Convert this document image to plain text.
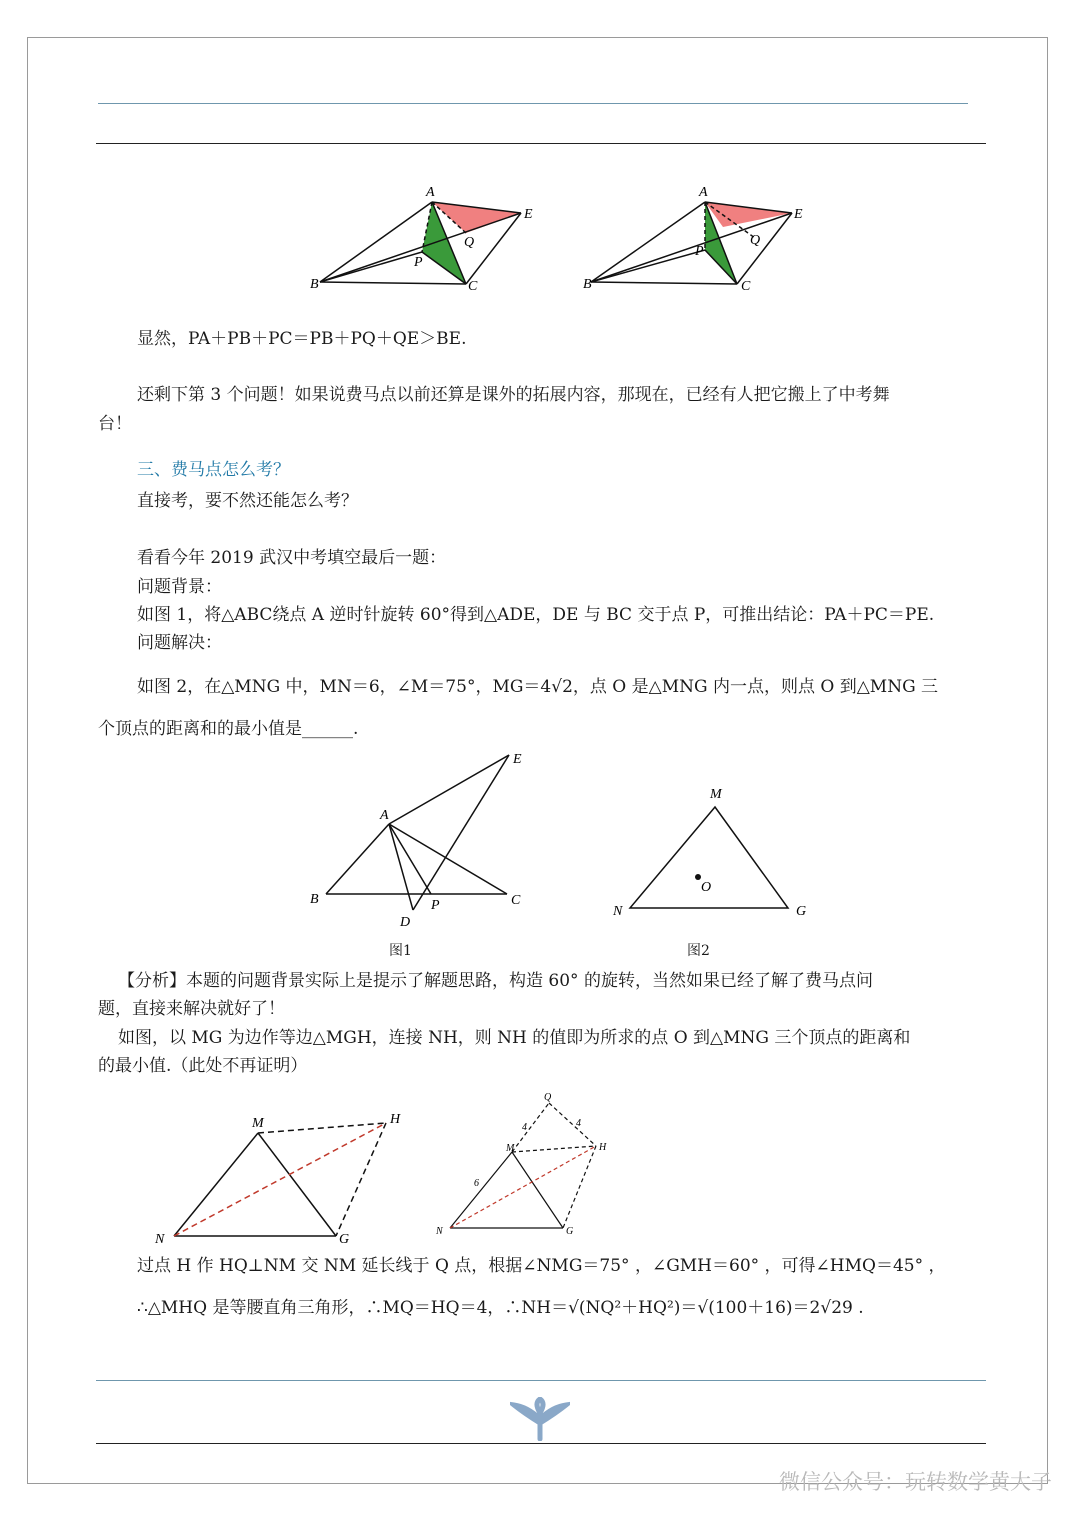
A
E
Q
P
B	C
A
E
Q
P
B	C
显然，PA＋PB＋PC＝PB＋PQ＋QE＞BE.
还剩下第 3 个问题！如果说费马点以前还算是课外的拓展内容，那现在，已经有人把它搬上了中考舞
台！
三、费马点怎么考？
直接考，要不然还能怎么考？
看看今年 2019 武汉中考填空最后一题：
问题背景：
如图 1，将△ABC绕点 A 逆时针旋转 60°得到△ADE，DE 与 BC 交于点 P，可推出结论：PA＋PC＝PE.
问题解决：
如图 2，在△MNG 中，MN＝6，∠M＝75°，MG＝4√2，点 O 是△MNG 内一点，则点 O 到△MNG 三
个顶点的距离和的最小值是______.
A
E
B	C
P
D
图1
M
N	G
O
图2
【分析】本题的问题背景实际上是提示了解题思路，构造 60° 的旋转，当然如果已经了解了费马点问
题，直接来解决就好了！
如图，以 MG 为边作等边△MGH，连接 NH，则 NH 的值即为所求的点 O 到△MNG 三个顶点的距离和
的最小值.（此处不再证明）
M	H
N	G
Q
M	H
N	G
6
4	4
过点 H 作 HQ⊥NM 交 NM 延长线于 Q 点，根据∠NMG＝75° ，∠GMH＝60° ，可得∠HMQ＝45° ，
∴△MHQ 是等腰直角三角形，∴MQ＝HQ＝4，∴NH＝√(NQ²＋HQ²)＝√(100＋16)＝2√29 .
微信公众号：玩转数学黄大子
